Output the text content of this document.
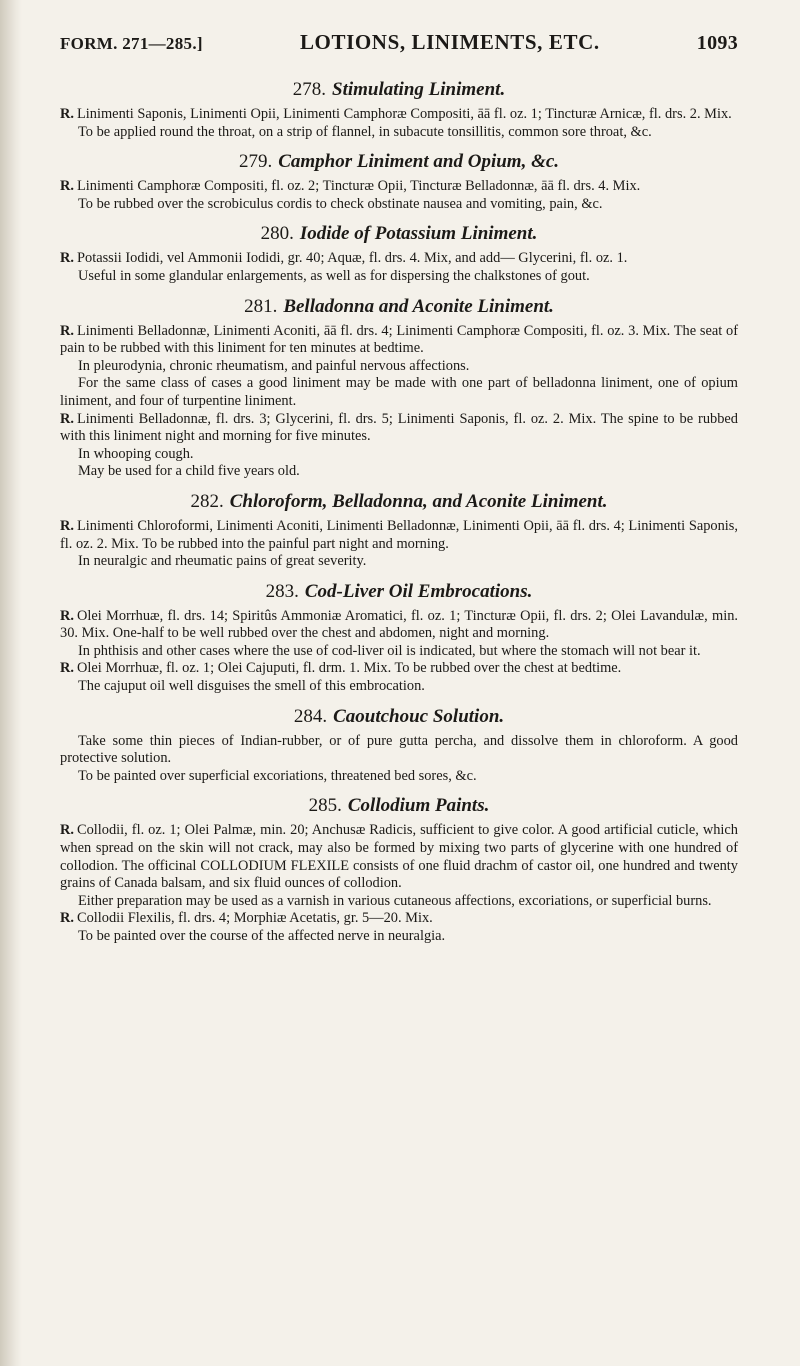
FORM. 271—285.]	LOTIONS, LINIMENTS, ETC.	1093
278. Stimulating Liniment.

R. Linimenti Saponis, Linimenti Opii, Linimenti Camphoræ Compositi, āā fl. oz. 1; Tincturæ Arnicæ, fl. drs. 2. Mix.

To be applied round the throat, on a strip of flannel, in subacute tonsillitis, common sore throat, &c.

279. Camphor Liniment and Opium, &c.

R. Linimenti Camphoræ Compositi, fl. oz. 2; Tincturæ Opii, Tincturæ Belladonnæ, āā fl. drs. 4. Mix.

To be rubbed over the scrobiculus cordis to check obstinate nausea and vomiting, pain, &c.

280. Iodide of Potassium Liniment.

R. Potassii Iodidi, vel Ammonii Iodidi, gr. 40; Aquæ, fl. drs. 4. Mix, and add— Glycerini, fl. oz. 1.

Useful in some glandular enlargements, as well as for dispersing the chalkstones of gout.

281. Belladonna and Aconite Liniment.

R. Linimenti Belladonnæ, Linimenti Aconiti, āā fl. drs. 4; Linimenti Camphoræ Compositi, fl. oz. 3. Mix. The seat of pain to be rubbed with this liniment for ten minutes at bedtime.

In pleurodynia, chronic rheumatism, and painful nervous affections.

For the same class of cases a good liniment may be made with one part of belladonna liniment, one of opium liniment, and four of turpentine liniment.

R. Linimenti Belladonnæ, fl. drs. 3; Glycerini, fl. drs. 5; Linimenti Saponis, fl. oz. 2. Mix. The spine to be rubbed with this liniment night and morning for five minutes.

In whooping cough.

May be used for a child five years old.

282. Chloroform, Belladonna, and Aconite Liniment.

R. Linimenti Chloroformi, Linimenti Aconiti, Linimenti Belladonnæ, Linimenti Opii, āā fl. drs. 4; Linimenti Saponis, fl. oz. 2. Mix. To be rubbed into the painful part night and morning.

In neuralgic and rheumatic pains of great severity.

283. Cod-Liver Oil Embrocations.

R. Olei Morrhuæ, fl. drs. 14; Spiritûs Ammoniæ Aromatici, fl. oz. 1; Tincturæ Opii, fl. drs. 2; Olei Lavandulæ, min. 30. Mix. One-half to be well rubbed over the chest and abdomen, night and morning.

In phthisis and other cases where the use of cod-liver oil is indicated, but where the stomach will not bear it.

R. Olei Morrhuæ, fl. oz. 1; Olei Cajuputi, fl. drm. 1. Mix. To be rubbed over the chest at bedtime.

The cajuput oil well disguises the smell of this embrocation.

284. Caoutchouc Solution.

Take some thin pieces of Indian-rubber, or of pure gutta percha, and dissolve them in chloroform. A good protective solution.

To be painted over superficial excoriations, threatened bed sores, &c.

285. Collodium Paints.

R. Collodii, fl. oz. 1; Olei Palmæ, min. 20; Anchusæ Radicis, sufficient to give color. A good artificial cuticle, which when spread on the skin will not crack, may also be formed by mixing two parts of glycerine with one hundred of collodion. The officinal COLLODIUM FLEXILE consists of one fluid drachm of castor oil, one hundred and twenty grains of Canada balsam, and six fluid ounces of collodion.

Either preparation may be used as a varnish in various cutaneous affections, excoriations, or superficial burns.

R. Collodii Flexilis, fl. drs. 4; Morphiæ Acetatis, gr. 5—20. Mix.

To be painted over the course of the affected nerve in neuralgia.
